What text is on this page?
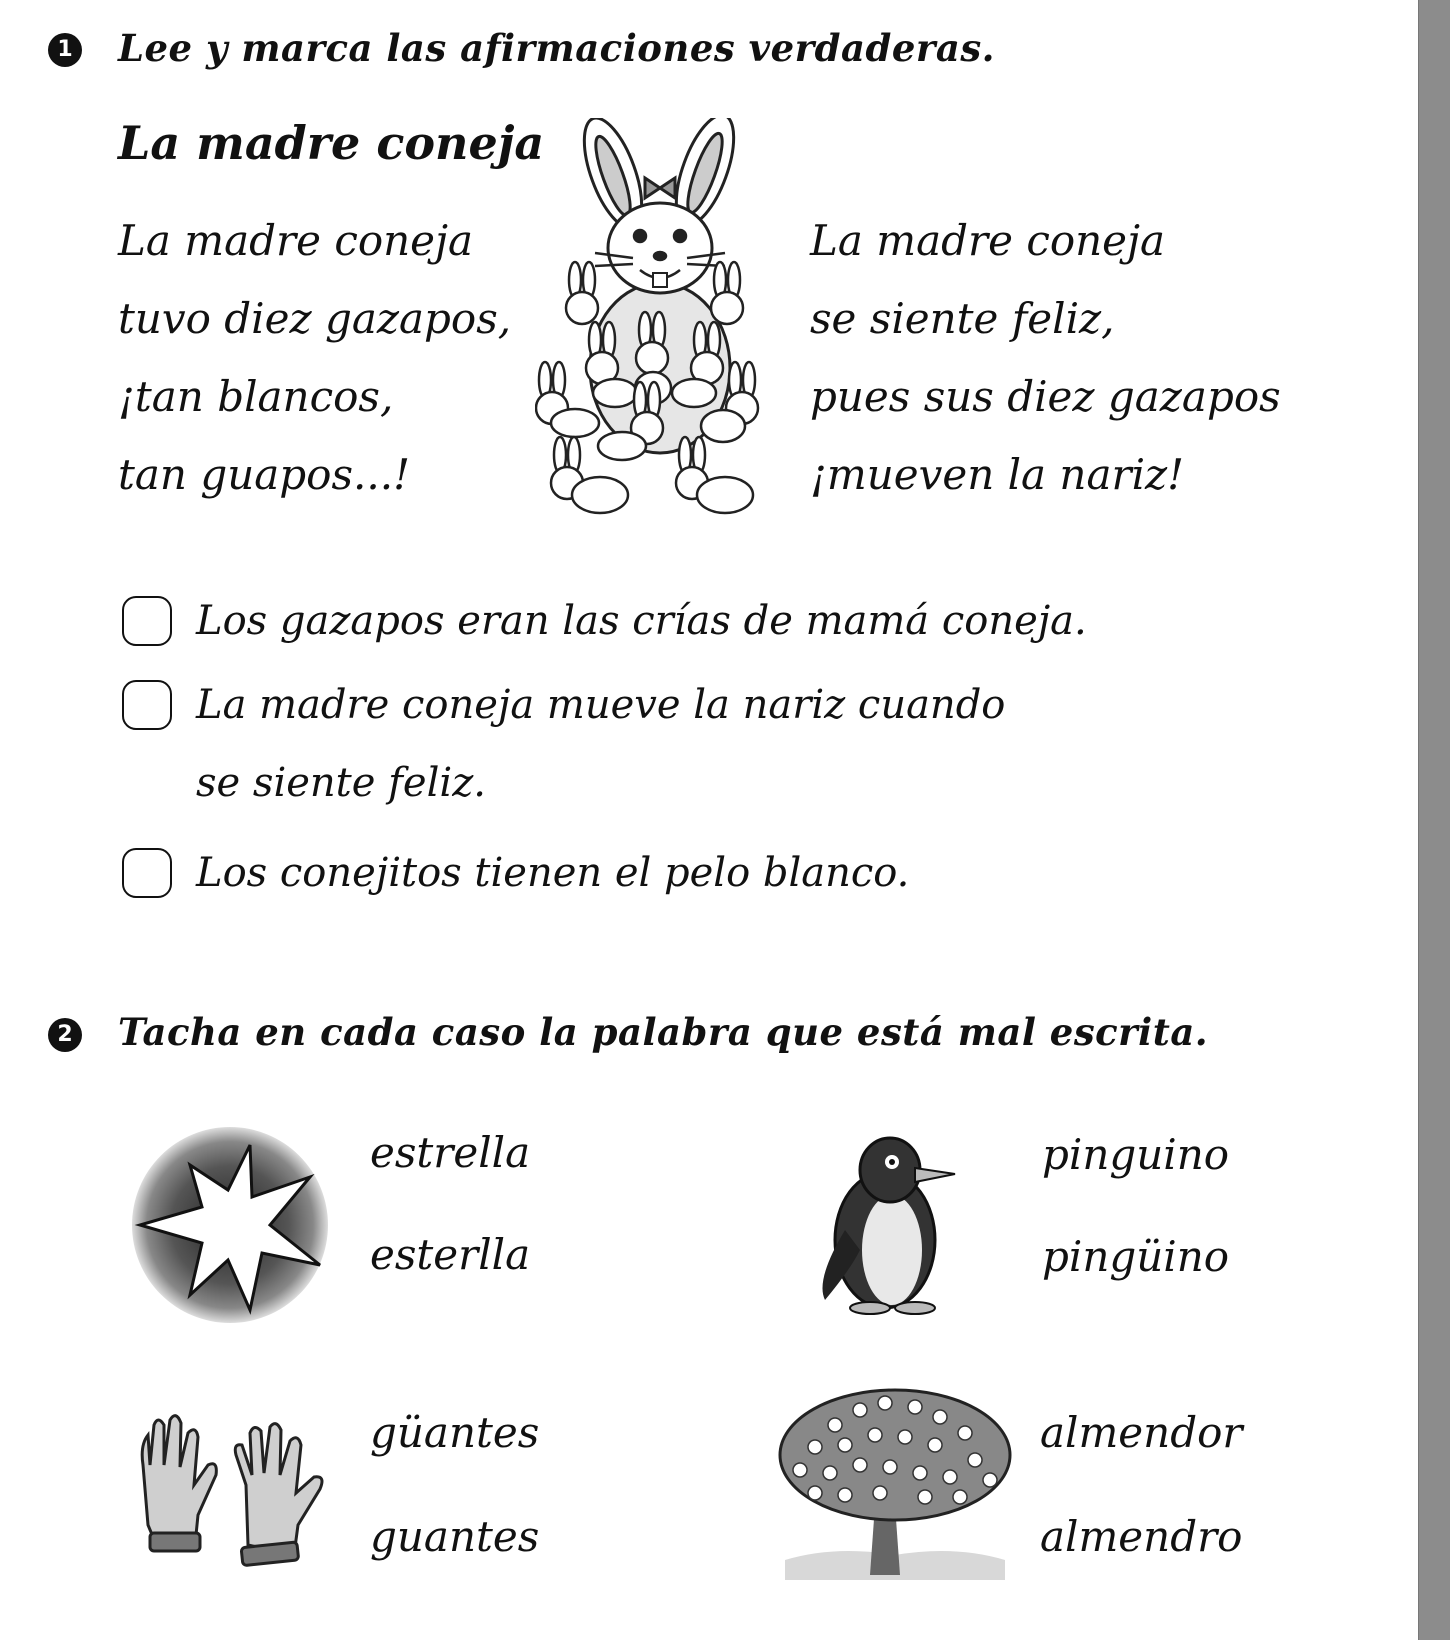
1 Lee y marca las afirmaciones verdaderas.
La madre coneja
La madre coneja
tuvo diez gazapos,
¡tan blancos,
tan guapos...!
La madre coneja
se siente feliz,
pues sus diez gazapos
¡mueven la nariz!
Los gazapos eran las crías de mamá coneja.
La madre coneja mueve la nariz cuando
se siente feliz.
Los conejitos tienen el pelo blanco.
2 Tacha en cada caso la palabra que está mal escrita.
estrella
esterlla
pinguino
pingüino
güantes
guantes
almendor
almendro
